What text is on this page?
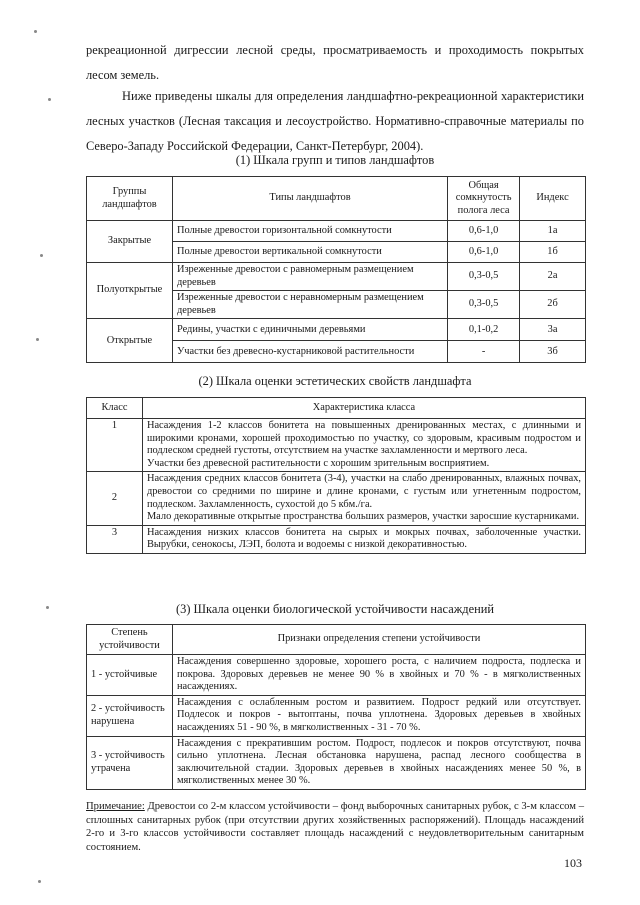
рекреационной дигрессии лесной среды, просматриваемость и проходимость покрытых лесом земель.

Ниже приведены шкалы для определения ландшафтно-рекреационной характеристики лесных участков (Лесная таксация и лесоустройство. Нормативно-справочные материалы по Северо-Западу Российской Федерации, Санкт-Петербург, 2004).

(1) Шкала групп и типов ландшафтов

Группы ландшафтов	Типы ландшафтов	Общая сомкнутость полога леса	Индекс
Закрытые	Полные древостои горизонтальной сомкнутости	0,6-1,0	1а
	Полные древостои вертикальной сомкнутости	0,6-1,0	1б
Полуоткрытые	Изреженные древостои с равномерным размещением деревьев	0,3-0,5	2а
	Изреженные древостои с неравномерным размещением деревьев	0,3-0,5	2б
Открытые	Редины, участки с единичными деревьями	0,1-0,2	3а
	Участки без древесно-кустарниковой растительности	-	3б

(2) Шкала оценки эстетических свойств ландшафта

Класс	Характеристика класса
1	Насаждения 1-2 классов бонитета на повышенных дренированных местах, с длинными и широкими кронами, хорошей проходимостью по участку, со здоровым, красивым подростом и подлеском средней густоты, отсутствием на участке захламленности и мертвого леса.
Участки без древесной растительности с хорошим зрительным восприятием.

2	Насаждения средних классов бонитета (3-4), участки на слабо дренированных, влажных почвах, древостои со средними по ширине и длине кронами, с густым или угнетенным подростом, подлеском. Захламленность, сухостой до 5 кбм./га.
Мало декоративные открытые пространства больших размеров, участки заросшие кустарниками.

3	Насаждения низких классов бонитета на сырых и мокрых почвах, заболоченные участки. Вырубки, сенокосы, ЛЭП, болота и водоемы с низкой декоративностью.

(3) Шкала оценки биологической устойчивости насаждений

Степень устойчивости	Признаки определения степени устойчивости
1 - устойчивые	Насаждения совершенно здоровые, хорошего роста, с наличием подроста, подлеска и покрова. Здоровых деревьев не менее 90 % в хвойных и 70 % - в мягколиственных насаждениях.
2 - устойчивость нарушена	Насаждения с ослабленным ростом и развитием. Подрост редкий или отсутствует. Подлесок и покров - вытоптаны, почва уплотнена. Здоровых деревьев в хвойных насаждениях 51 - 90 %, в мягколиственных - 31 - 70 %.
3 - устойчивость утрачена	Насаждения с прекратившим ростом. Подрост, подлесок и покров отсутствуют, почва сильно уплотнена. Лесная обстановка нарушена, распад лесного сообщества в заключительной стадии. Здоровых деревьев в хвойных насаждениях менее 50 %, в мягколиственных менее 30 %.

Примечание: Древостои со 2-м классом устойчивости – фонд выборочных санитарных рубок, с 3-м классом – сплошных санитарных рубок (при отсутствии других хозяйственных распоряжений). Площадь насаждений 2-го и 3-го классов устойчивости составляет площадь насаждений с неудовлетворительным санитарным состоянием.

103
